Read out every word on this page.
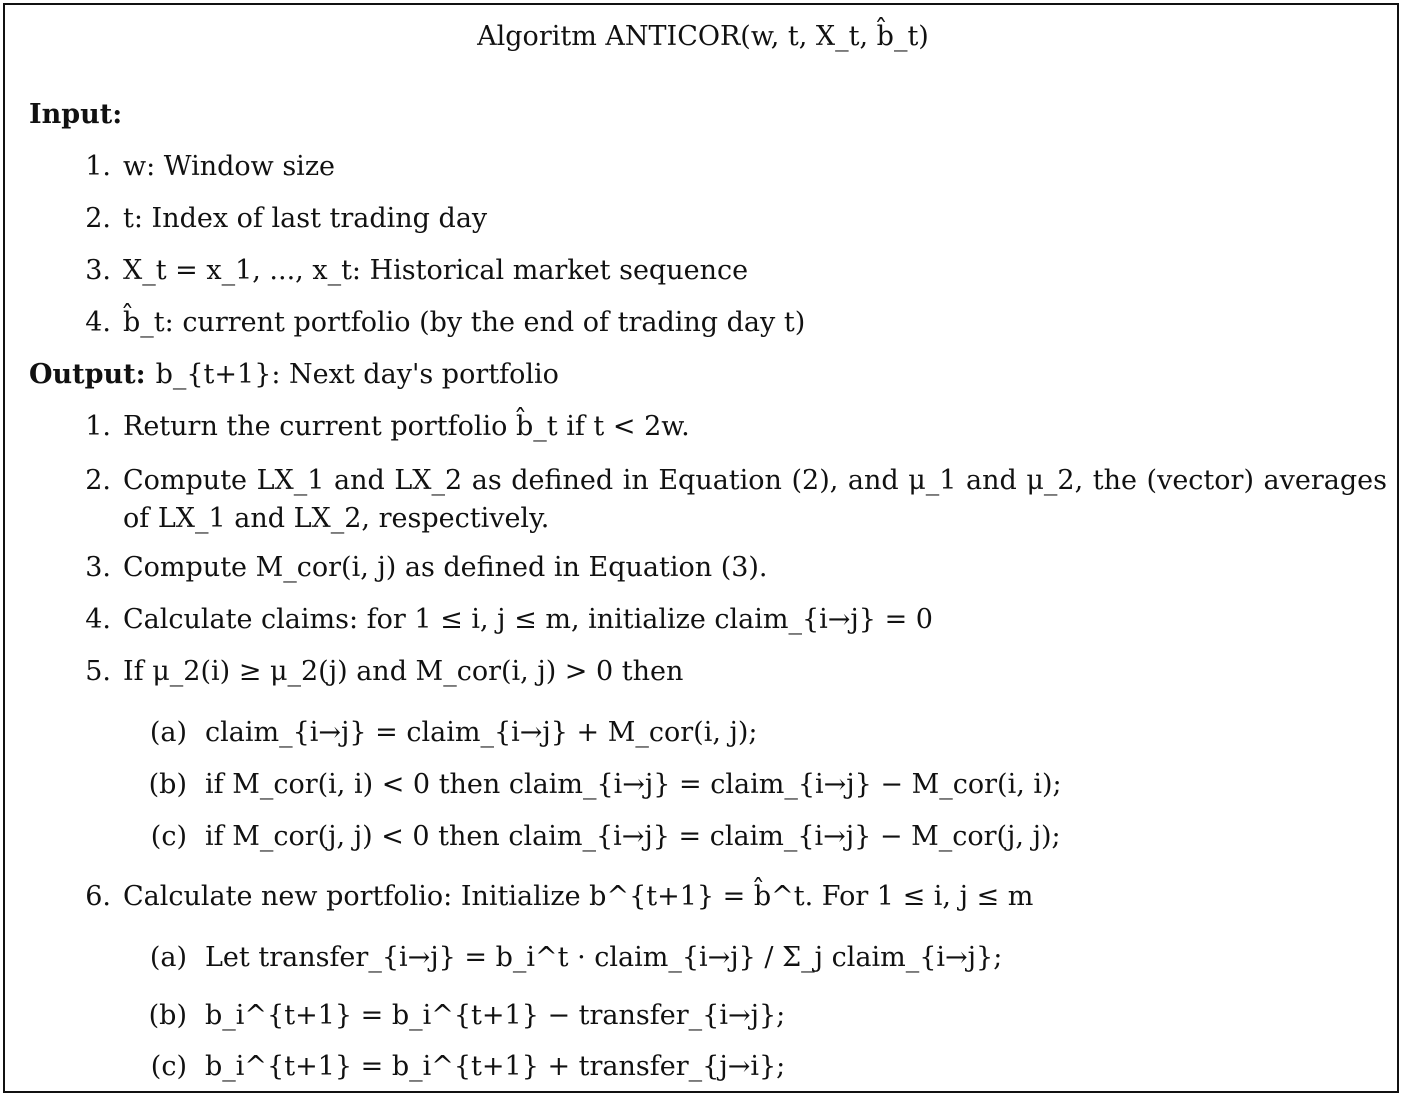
Algoritm ANTICOR(w, t, X_t, b̂_t)
Input:
1. w: Window size
2. t: Index of last trading day
3. X_t = x_1, ..., x_t: Historical market sequence
4. b̂_t: current portfolio (by the end of trading day t)
Output: b_{t+1}: Next day's portfolio
1. Return the current portfolio b̂_t if t < 2w.
2. Compute LX_1 and LX_2 as defined in Equation (2), and μ_1 and μ_2, the (vector) averages of LX_1 and LX_2, respectively.
3. Compute M_cor(i, j) as defined in Equation (3).
4. Calculate claims: for 1 ≤ i, j ≤ m, initialize claim_{i→j} = 0
5. If μ_2(i) ≥ μ_2(j) and M_cor(i, j) > 0 then
(a) claim_{i→j} = claim_{i→j} + M_cor(i, j);
(b) if M_cor(i, i) < 0 then claim_{i→j} = claim_{i→j} − M_cor(i, i);
(c) if M_cor(j, j) < 0 then claim_{i→j} = claim_{i→j} − M_cor(j, j);
6. Calculate new portfolio: Initialize b^{t+1} = b̂^t. For 1 ≤ i, j ≤ m
(a) Let transfer_{i→j} = b_i^t · claim_{i→j} / Σ_j claim_{i→j};
(b) b_i^{t+1} = b_i^{t+1} − transfer_{i→j};
(c) b_i^{t+1} = b_i^{t+1} + transfer_{j→i};
